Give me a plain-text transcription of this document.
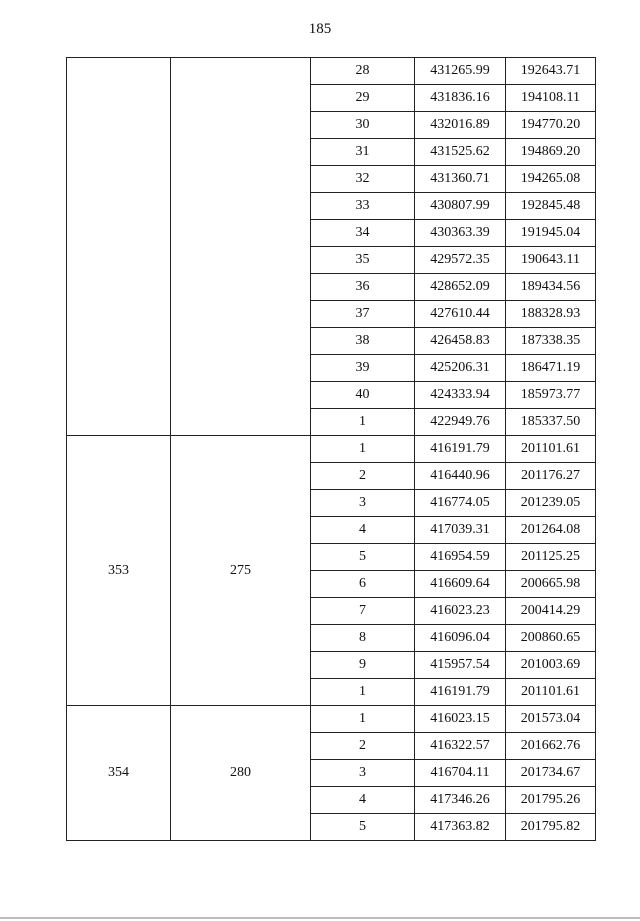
185
		28	431265.99	192643.71
		29	431836.16	194108.11
		30	432016.89	194770.20
		31	431525.62	194869.20
		32	431360.71	194265.08
		33	430807.99	192845.48
		34	430363.39	191945.04
		35	429572.35	190643.11
		36	428652.09	189434.56
		37	427610.44	188328.93
		38	426458.83	187338.35
		39	425206.31	186471.19
		40	424333.94	185973.77
		1	422949.76	185337.50
353	275	1	416191.79	201101.61
		2	416440.96	201176.27
		3	416774.05	201239.05
		4	417039.31	201264.08
		5	416954.59	201125.25
		6	416609.64	200665.98
		7	416023.23	200414.29
		8	416096.04	200860.65
		9	415957.54	201003.69
		1	416191.79	201101.61
354	280	1	416023.15	201573.04
		2	416322.57	201662.76
		3	416704.11	201734.67
		4	417346.26	201795.26
		5	417363.82	201795.82
